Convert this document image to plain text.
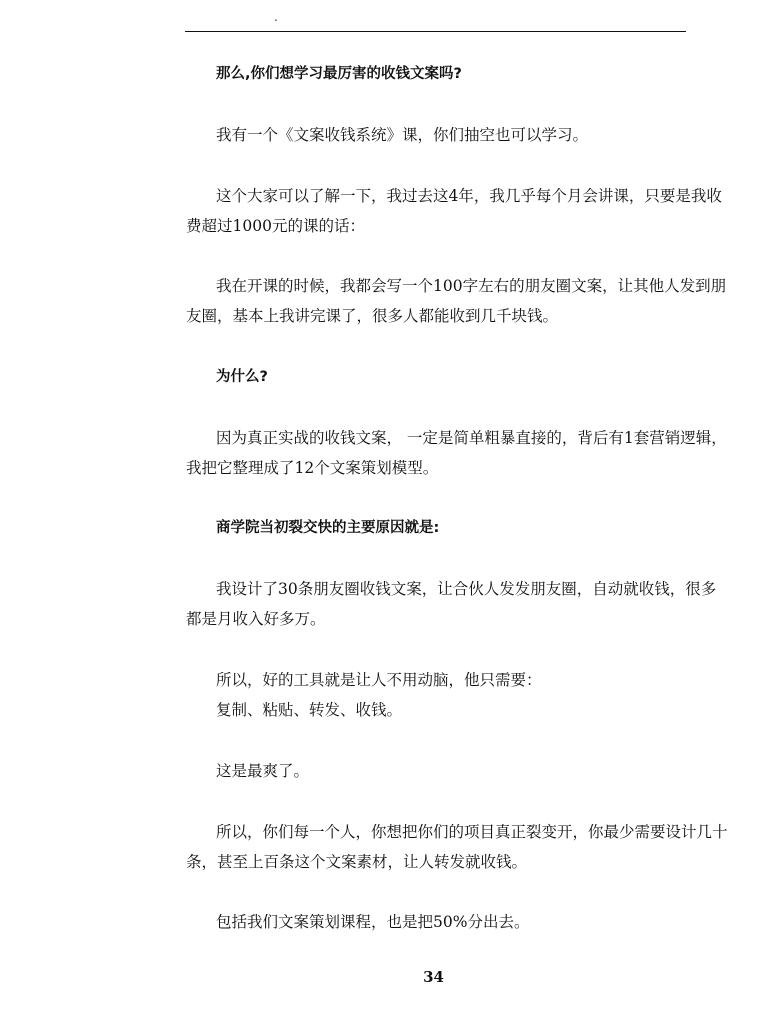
.
那么,你们想学习最厉害的收钱文案吗?
我有一个《文案收钱系统》课，你们抽空也可以学习。
这个大家可以了解一下，我过去这4年，我几乎每个月会讲课，只要是我收
费超过1000元的课的话：
我在开课的时候，我都会写一个100字左右的朋友圈文案，让其他人发到朋
友圈，基本上我讲完课了，很多人都能收到几千块钱。
为什么?
因为真正实战的收钱文案， 一定是简单粗暴直接的，背后有1套营销逻辑，
我把它整理成了12个文案策划模型。
商学院当初裂交快的主要原因就是:
我设计了30条朋友圈收钱文案，让合伙人发发朋友圈，自动就收钱，很多
都是月收入好多万。
所以，好的工具就是让人不用动脑，他只需要：
复制、粘贴、转发、收钱。
这是最爽了。
所以，你们每一个人，你想把你们的项目真正裂变开，你最少需要设计几十
条，甚至上百条这个文案素材，让人转发就收钱。
包括我们文案策划课程，也是把50%分出去。
34
